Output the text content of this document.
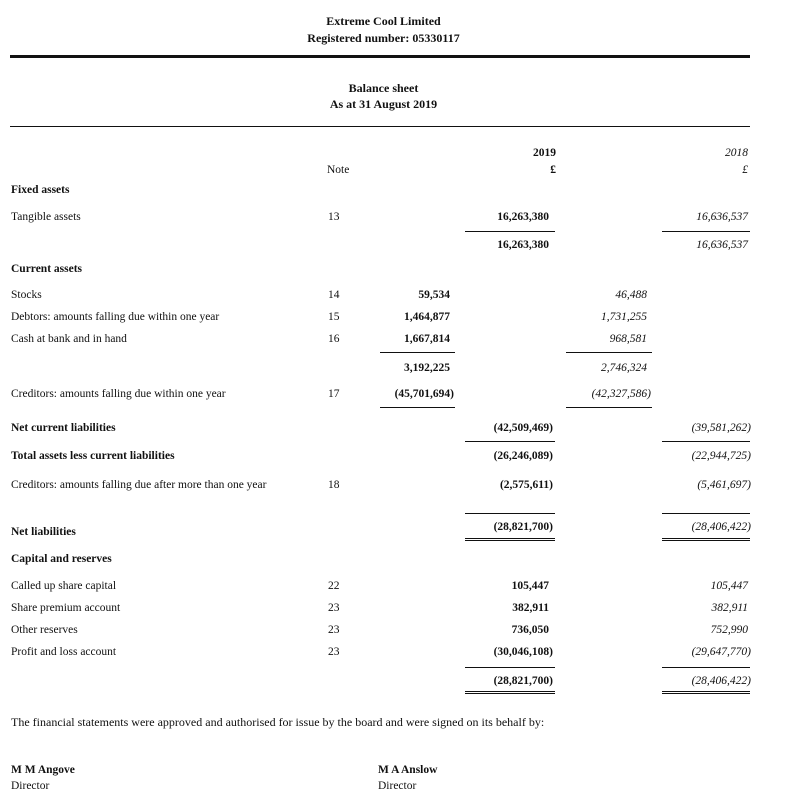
Extreme Cool Limited
Registered number: 05330117
Balance sheet
As at 31 August 2019
Note
2019
£
2018
£
Fixed assets
Tangible assets	13	16,263,380	16,636,537
16,263,380	16,636,537
Current assets
Stocks	14	59,534	46,488
Debtors: amounts falling due within one year	15	1,464,877	1,731,255
Cash at bank and in hand	16	1,667,814	968,581
3,192,225	2,746,324
Creditors: amounts falling due within one year	17	(45,701,694)	(42,327,586)
Net current liabilities	(42,509,469)	(39,581,262)
Total assets less current liabilities	(26,246,089)	(22,944,725)
Creditors: amounts falling due after more than one year	18	(2,575,611)	(5,461,697)
Net liabilities	(28,821,700)	(28,406,422)
Capital and reserves
Called up share capital	22	105,447	105,447
Share premium account	23	382,911	382,911
Other reserves	23	736,050	752,990
Profit and loss account	23	(30,046,108)	(29,647,770)
(28,821,700)	(28,406,422)
The financial statements were approved and authorised for issue by the board and were signed on its behalf by:
M M Angove
Director
M A Anslow
Director
